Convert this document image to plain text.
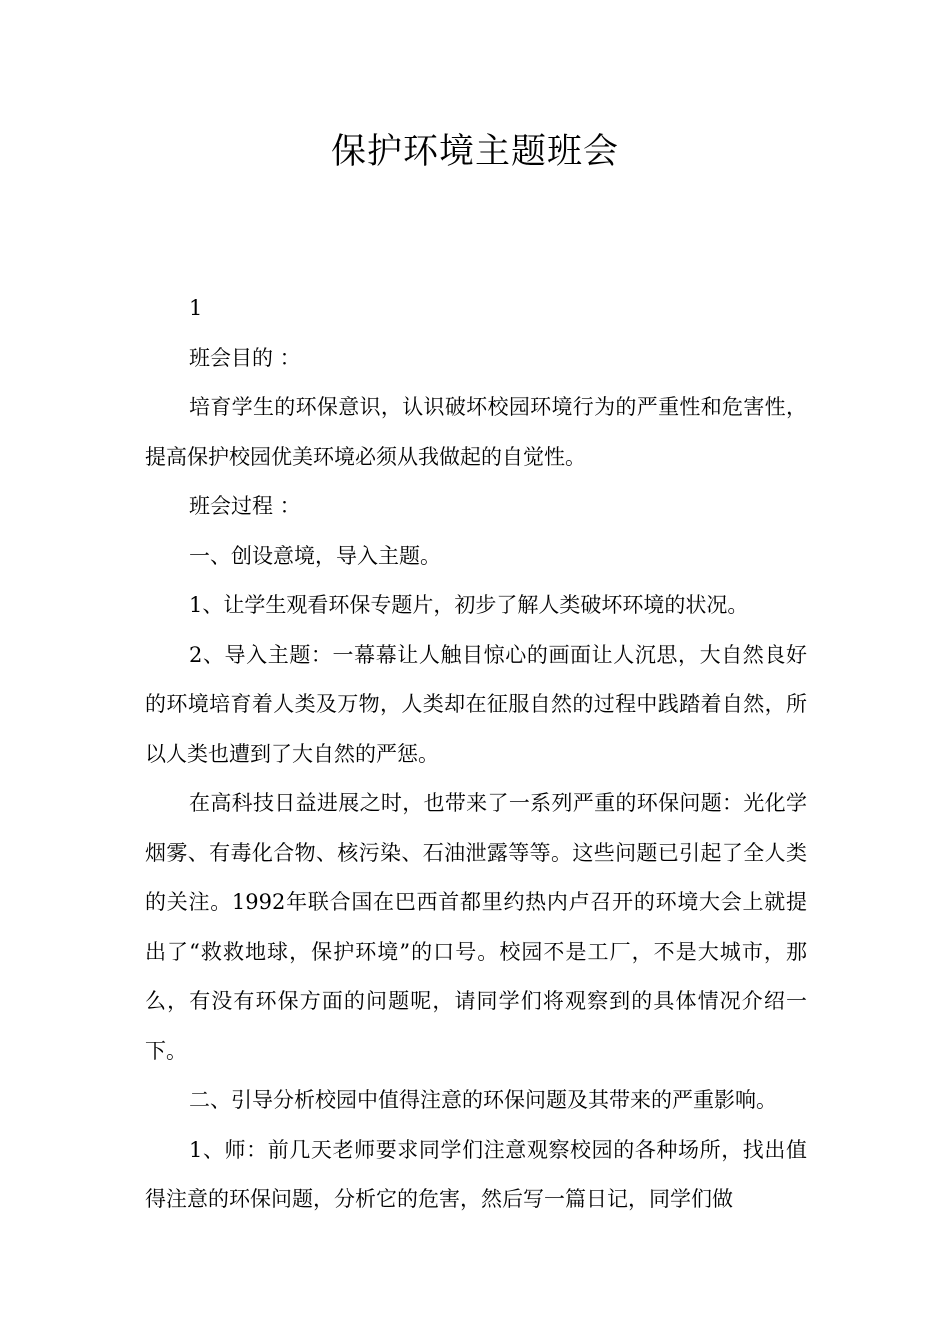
保护环境主题班会

1

班会目的 ：

培育学生的环保意识，认识破坏校园环境行为的严重性和危害性，提高保护校园优美环境必须从我做起的自觉性。

班会过程 ：

一、创设意境，导入主题。

1、让学生观看环保专题片，初步了解人类破坏环境的状况。

2、导入主题：一幕幕让人触目惊心的画面让人沉思，大自然良好的环境培育着人类及万物，人类却在征服自然的过程中践踏着自然，所以人类也遭到了大自然的严惩。

在高科技日益进展之时，也带来了一系列严重的环保问题：光化学烟雾、有毒化合物、核污染、石油泄露等等。这些问题已引起了全人类的关注。1992年联合国在巴西首都里约热内卢召开的环境大会上就提出了“救救地球，保护环境”的口号。校园不是工厂，不是大城市，那么，有没有环保方面的问题呢，请同学们将观察到的具体情况介绍一下。

二、引导分析校园中值得注意的环保问题及其带来的严重影响。

1、师：前几天老师要求同学们注意观察校园的各种场所，找出值得注意的环保问题，分析它的危害，然后写一篇日记，同学们做
